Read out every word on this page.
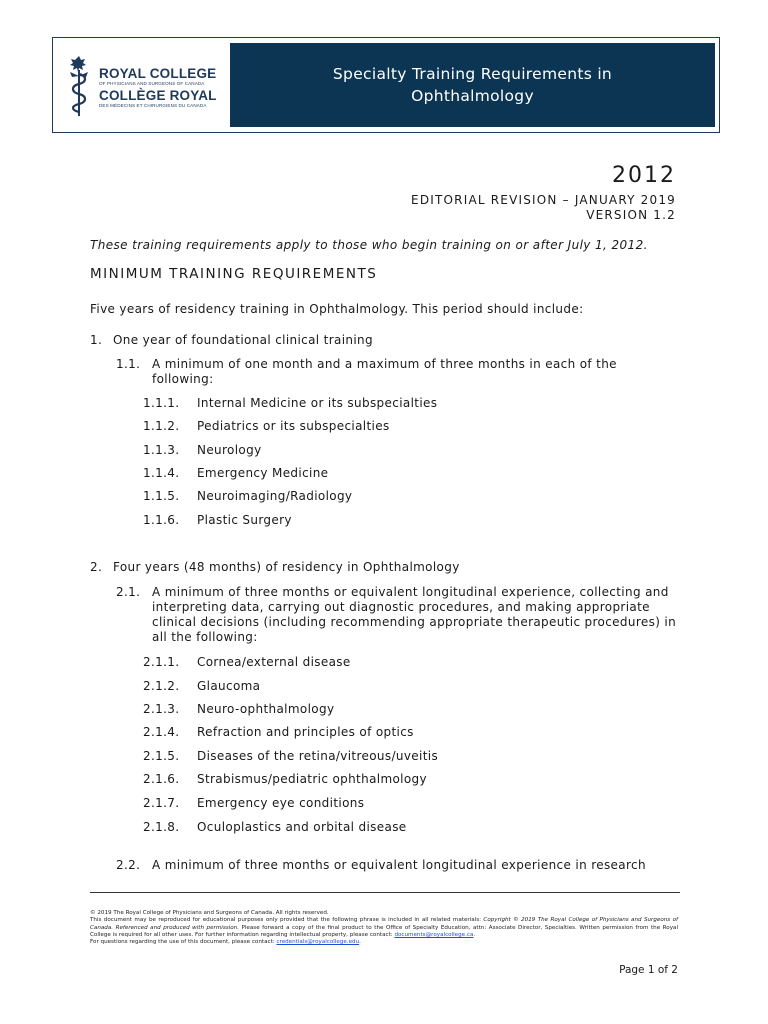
ROYAL COLLEGE
OF PHYSICIANS AND SURGEONS OF CANADA
COLLÈGE ROYAL
DES MÉDECINS ET CHIRURGIENS DU CANADA
Specialty Training Requirements in
Ophthalmology
2012
EDITORIAL REVISION – JANUARY 2019
VERSION 1.2
These training requirements apply to those who begin training on or after July 1, 2012.
MINIMUM TRAINING REQUIREMENTS
Five years of residency training in Ophthalmology. This period should include:
1. One year of foundational clinical training
1.1. A minimum of one month and a maximum of three months in each of the
following:
1.1.1. Internal Medicine or its subspecialties
1.1.2. Pediatrics or its subspecialties
1.1.3. Neurology
1.1.4. Emergency Medicine
1.1.5. Neuroimaging/Radiology
1.1.6. Plastic Surgery
2. Four years (48 months) of residency in Ophthalmology
2.1. A minimum of three months or equivalent longitudinal experience, collecting and
interpreting data, carrying out diagnostic procedures, and making appropriate
clinical decisions (including recommending appropriate therapeutic procedures) in
all the following:
2.1.1. Cornea/external disease
2.1.2. Glaucoma
2.1.3. Neuro-ophthalmology
2.1.4. Refraction and principles of optics
2.1.5. Diseases of the retina/vitreous/uveitis
2.1.6. Strabismus/pediatric ophthalmology
2.1.7. Emergency eye conditions
2.1.8. Oculoplastics and orbital disease
2.2. A minimum of three months or equivalent longitudinal experience in research
© 2019 The Royal College of Physicians and Surgeons of Canada. All rights reserved.
This document may be reproduced for educational purposes only provided that the following phrase is included in all related materials: Copyright © 2019 The Royal College of Physicians and Surgeons of Canada. Referenced and produced with permission. Please forward a copy of the final product to the Office of Specialty Education, attn: Associate Director, Specialties. Written permission from the Royal College is required for all other uses. For further information regarding intellectual property, please contact: documents@royalcollege.ca.
For questions regarding the use of this document, please contact: credentials@royalcollege.edu.
Page 1 of 2
